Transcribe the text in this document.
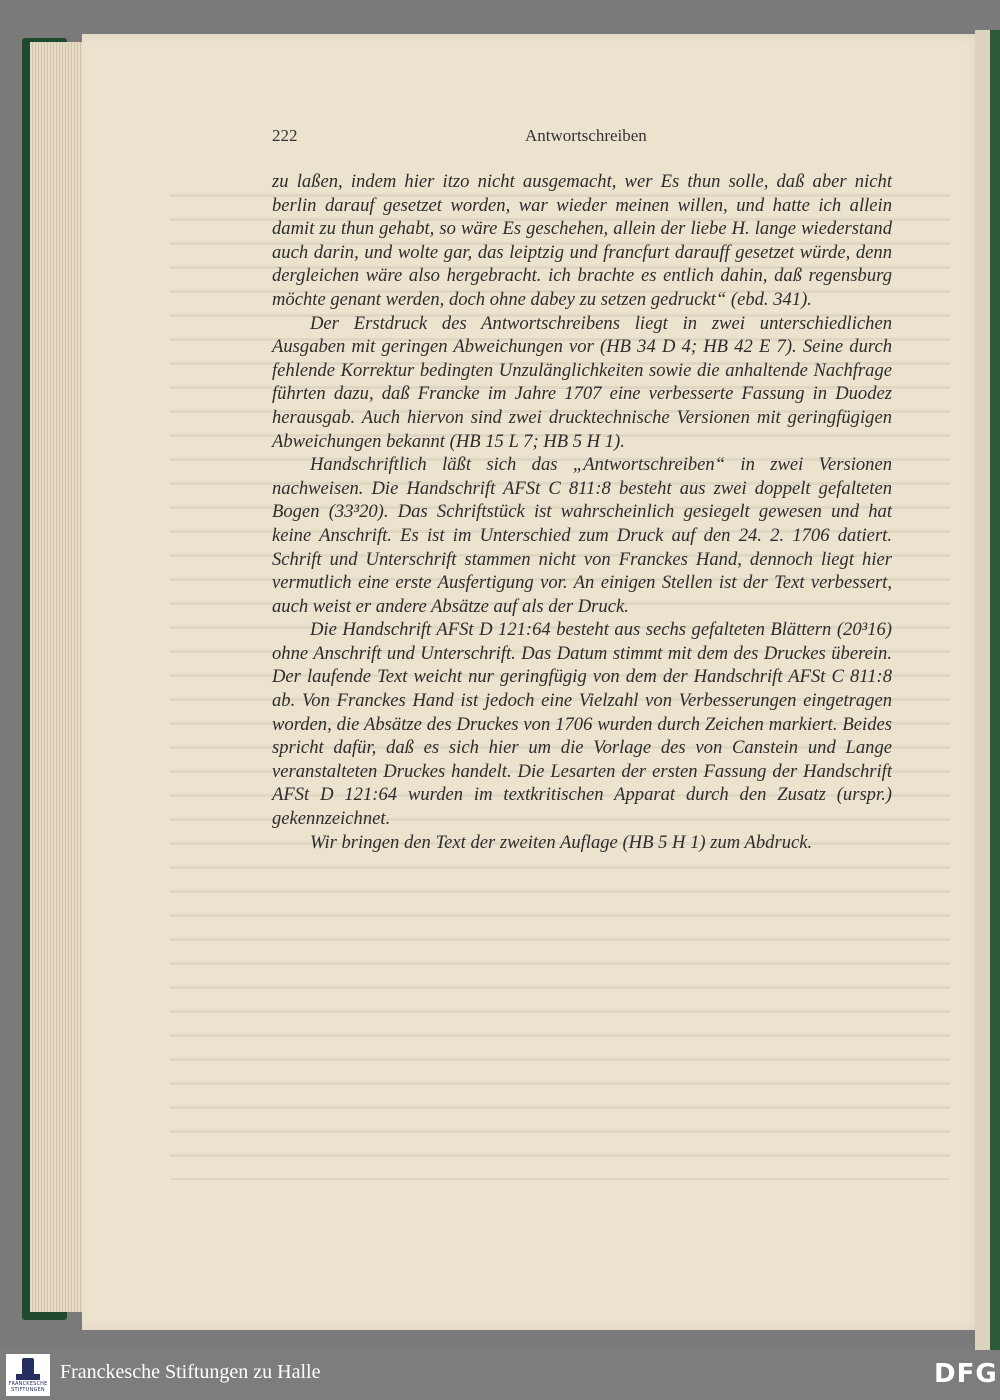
222	Antwortschreiben

zu laßen, indem hier itzo nicht ausgemacht, wer Es thun solle, daß aber nicht berlin darauf gesetzet worden, war wieder meinen willen, und hatte ich allein damit zu thun gehabt, so wäre Es geschehen, allein der liebe H. lange wiederstand auch darin, und wolte gar, das leiptzig und francfurt darauff gesetzet würde, denn dergleichen wäre also hergebracht. ich brachte es entlich dahin, daß regensburg möchte genant werden, doch ohne dabey zu setzen gedruckt“ (ebd. 341).

Der Erstdruck des Antwortschreibens liegt in zwei unterschiedlichen Ausgaben mit geringen Abweichungen vor (HB 34 D 4; HB 42 E 7). Seine durch fehlende Korrektur bedingten Unzulänglichkeiten sowie die anhaltende Nachfrage führten dazu, daß Francke im Jahre 1707 eine verbesserte Fassung in Duodez herausgab. Auch hiervon sind zwei drucktechnische Versionen mit geringfügigen Abweichungen bekannt (HB 15 L 7; HB 5 H 1).

Handschriftlich läßt sich das „Antwortschreiben“ in zwei Versionen nachweisen. Die Handschrift AFSt C 811:8 besteht aus zwei doppelt gefalteten Bogen (33³20). Das Schriftstück ist wahrscheinlich gesiegelt gewesen und hat keine Anschrift. Es ist im Unterschied zum Druck auf den 24. 2. 1706 datiert. Schrift und Unterschrift stammen nicht von Franckes Hand, dennoch liegt hier vermutlich eine erste Ausfertigung vor. An einigen Stellen ist der Text verbessert, auch weist er andere Absätze auf als der Druck.

Die Handschrift AFSt D 121:64 besteht aus sechs gefalteten Blättern (20³16) ohne Anschrift und Unterschrift. Das Datum stimmt mit dem des Druckes überein. Der laufende Text weicht nur geringfügig von dem der Handschrift AFSt C 811:8 ab. Von Franckes Hand ist jedoch eine Vielzahl von Verbesserungen eingetragen worden, die Absätze des Druckes von 1706 wurden durch Zeichen markiert. Beides spricht dafür, daß es sich hier um die Vorlage des von Canstein und Lange veranstalteten Druckes handelt. Die Lesarten der ersten Fassung der Handschrift AFSt D 121:64 wurden im textkritischen Apparat durch den Zusatz (urspr.) gekennzeichnet.

Wir bringen den Text der zweiten Auflage (HB 5 H 1) zum Abdruck.

FRANCKESCHE STIFTUNGEN
Franckesche Stiftungen zu Halle	DFG
